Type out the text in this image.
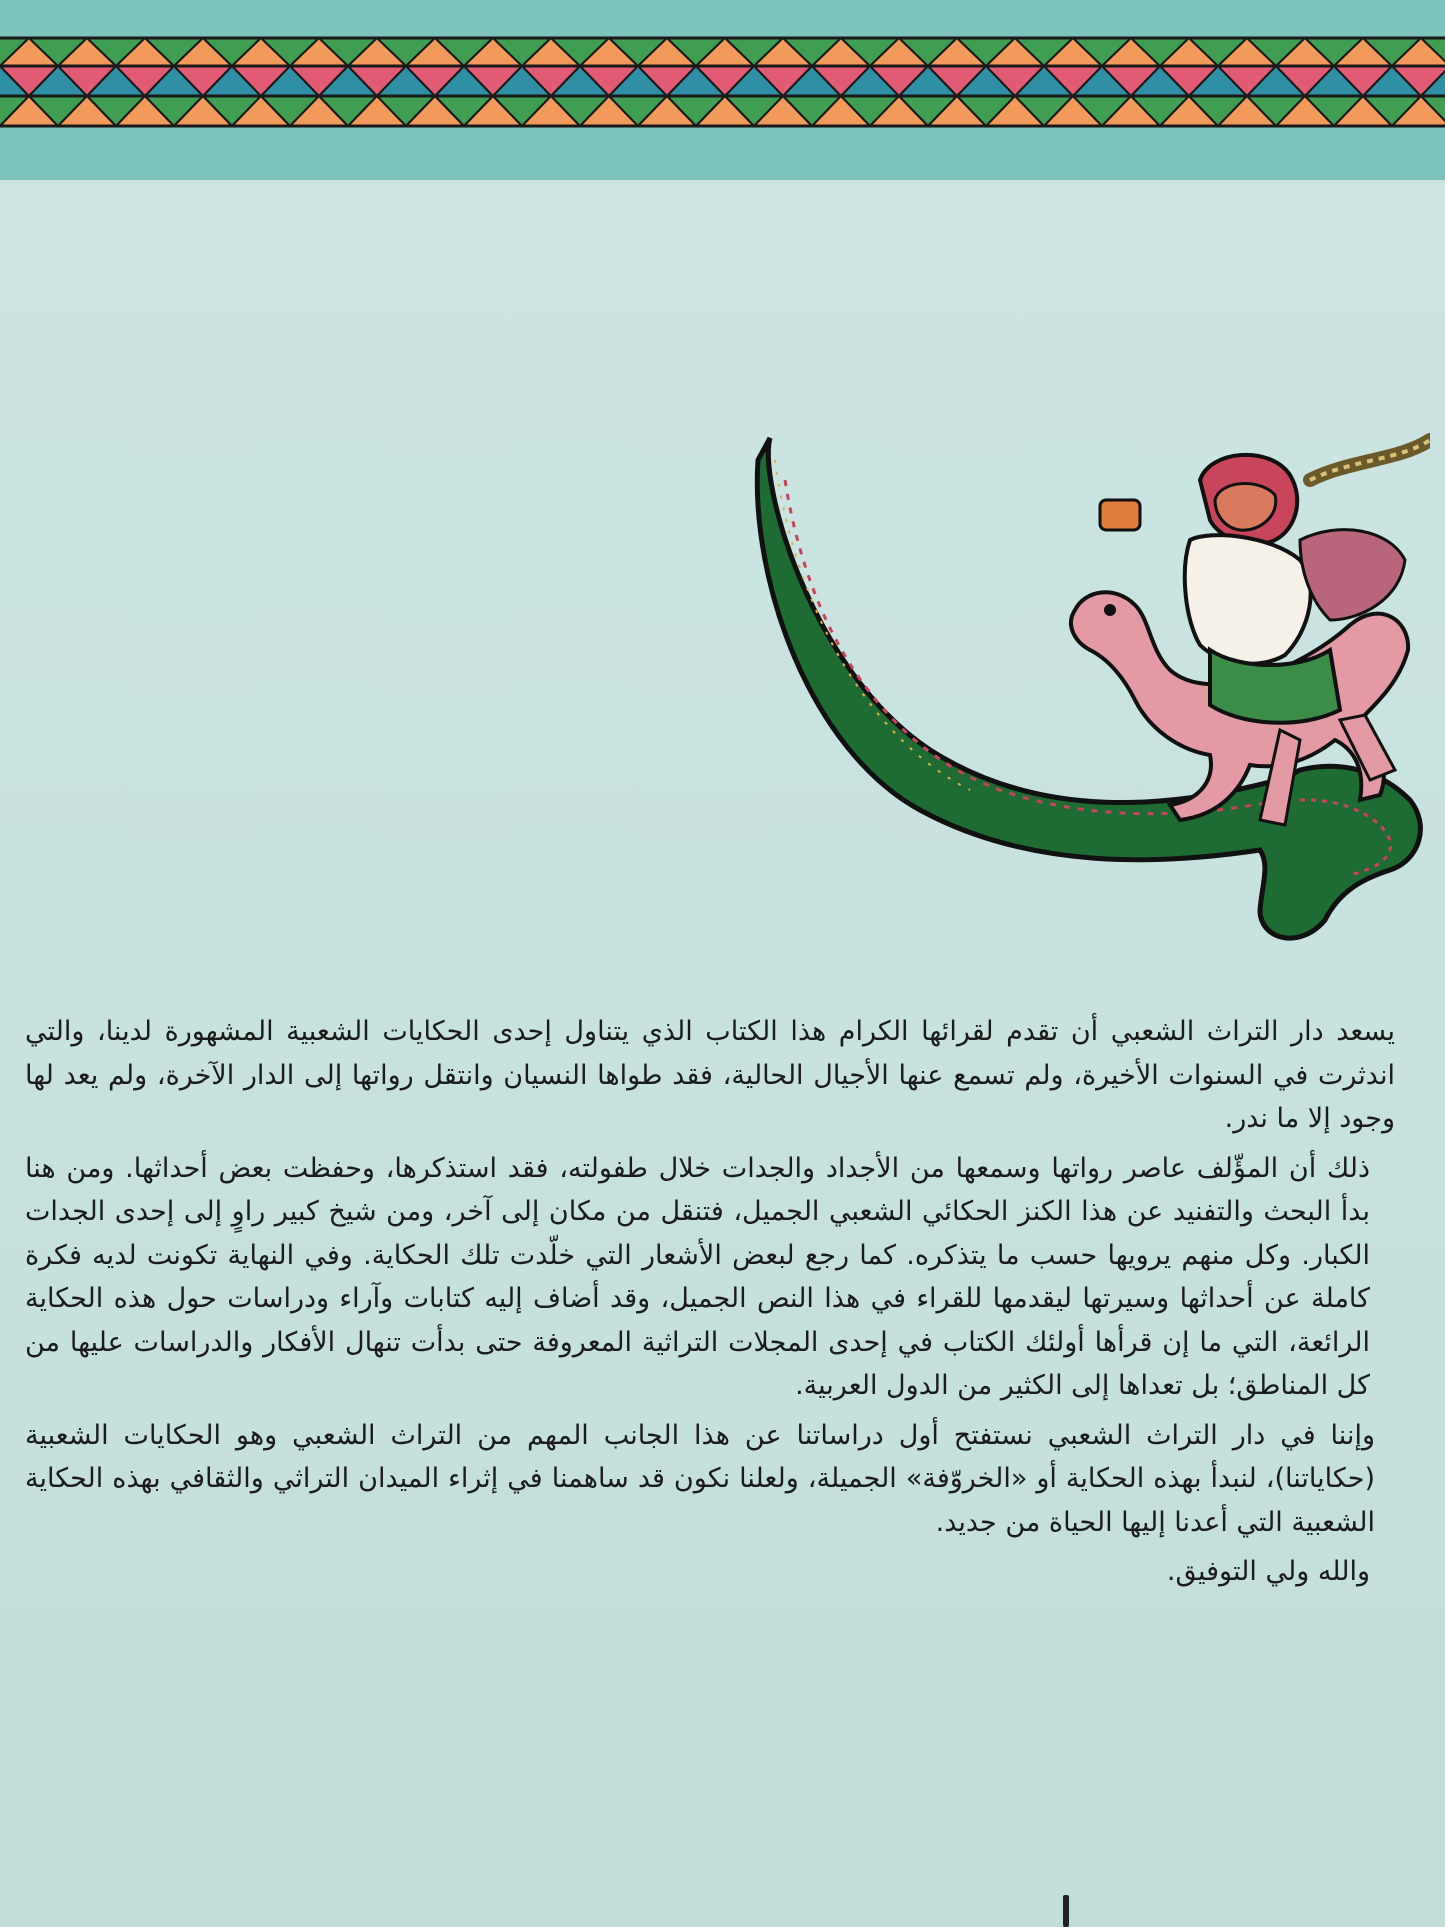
يسعد دار التراث الشعبي أن تقدم لقرائها الكرام هذا الكتاب الذي يتناول إحدى الحكايات الشعبية المشهورة لدينا، والتي اندثرت في السنوات الأخيرة، ولم تسمع عنها الأجيال الحالية، فقد طواها النسيان وانتقل رواتها إلى الدار الآخرة، ولم يعد لها وجود إلا ما ندر.

ذلك أن المؤّلف عاصر رواتها وسمعها من الأجداد والجدات خلال طفولته، فقد استذكرها، وحفظت بعض أحداثها. ومن هنا بدأ البحث والتفنيد عن هذا الكنز الحكائي الشعبي الجميل، فتنقل من مكان إلى آخر، ومن شيخ كبير راوٍ إلى إحدى الجدات الكبار. وكل منهم يرويها حسب ما يتذكره. كما رجع لبعض الأشعار التي خلّدت تلك الحكاية. وفي النهاية تكونت لديه فكرة كاملة عن أحداثها وسيرتها ليقدمها للقراء في هذا النص الجميل، وقد أضاف إليه كتابات وآراء ودراسات حول هذه الحكاية الرائعة، التي ما إن قرأها أولئك الكتاب في إحدى المجلات التراثية المعروفة حتى بدأت تنهال الأفكار والدراسات عليها من كل المناطق؛ بل تعداها إلى الكثير من الدول العربية.

وإننا في دار التراث الشعبي نستفتح أول دراساتنا عن هذا الجانب المهم من التراث الشعبي وهو الحكايات الشعبية (حكاياتنا)، لنبدأ بهذه الحكاية أو «الخروّفة» الجميلة، ولعلنا نكون قد ساهمنا في إثراء الميدان التراثي والثقافي بهذه الحكاية الشعبية التي أعدنا إليها الحياة من جديد.

والله ولي التوفيق.
